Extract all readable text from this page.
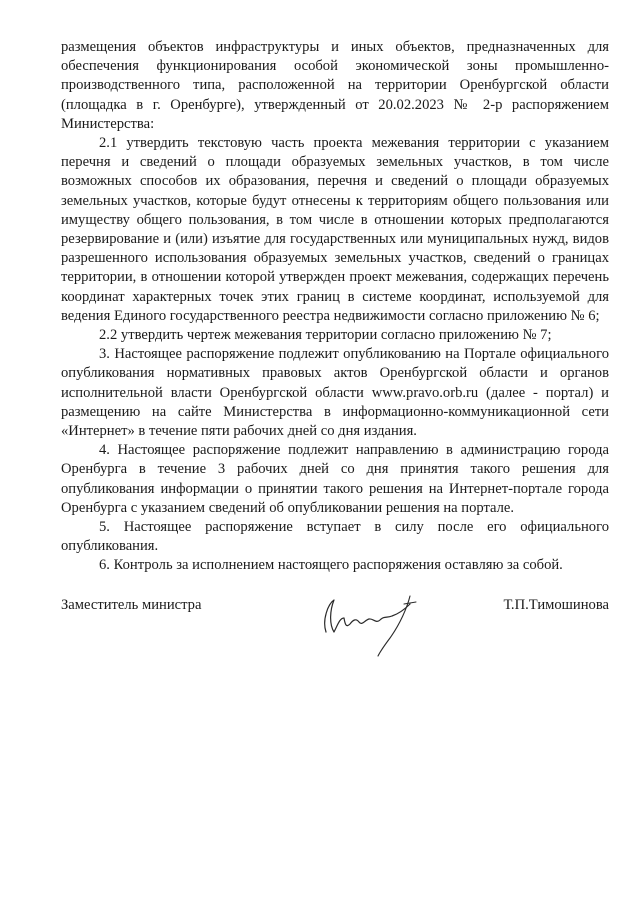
размещения объектов инфраструктуры и иных объектов, предназначенных для обеспечения функционирования особой экономической зоны промышленно-производственного типа, расположенной на территории Оренбургской области (площадка в г. Оренбурге), утвержденный от 20.02.2023 № 2-р распоряжением Министерства:

2.1 утвердить текстовую часть проекта межевания территории с указанием перечня и сведений о площади образуемых земельных участков, в том числе возможных способов их образования, перечня и сведений о площади образуемых земельных участков, которые будут отнесены к территориям общего пользования или имуществу общего пользования, в том числе в отношении которых предполагаются резервирование и (или) изъятие для государственных или муниципальных нужд, видов разрешенного использования образуемых земельных участков, сведений о границах территории, в отношении которой утвержден проект межевания, содержащих перечень координат характерных точек этих границ в системе координат, используемой для ведения Единого государственного реестра недвижимости согласно приложению № 6;

2.2 утвердить чертеж межевания территории согласно приложению № 7;

3. Настоящее распоряжение подлежит опубликованию на Портале официального опубликования нормативных правовых актов Оренбургской области и органов исполнительной власти Оренбургской области www.pravo.orb.ru (далее - портал) и размещению на сайте Министерства в информационно-коммуникационной сети «Интернет» в течение пяти рабочих дней со дня издания.

4. Настоящее распоряжение подлежит направлению в администрацию города Оренбурга в течение 3 рабочих дней со дня принятия такого решения для опубликования информации о принятии такого решения на Интернет-портале города Оренбурга с указанием сведений об опубликовании решения на портале.

5. Настоящее распоряжение вступает в силу после его официального опубликования.

6. Контроль за исполнением настоящего распоряжения оставляю за собой.

Заместитель министра	Т.П.Тимошинова
